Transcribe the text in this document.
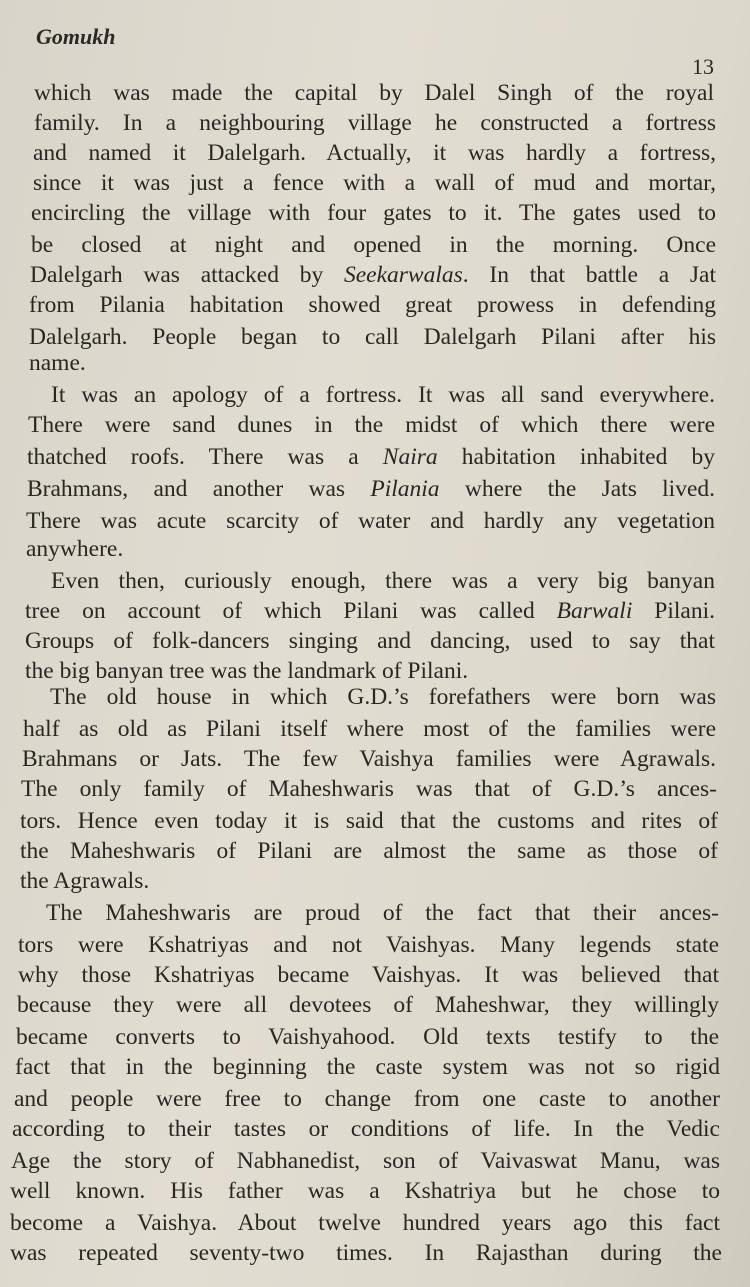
Gomukh
13
which was made the capital by Dalel Singh of the royal
family. In a neighbouring village he constructed a fortress
and named it Dalelgarh. Actually, it was hardly a fortress,
since it was just a fence with a wall of mud and mortar,
encircling the village with four gates to it. The gates used to
be closed at night and opened in the morning. Once
Dalelgarh was attacked by Seekarwalas. In that battle a Jat
from Pilania habitation showed great prowess in defending
Dalelgarh. People began to call Dalelgarh Pilani after his
name.
It was an apology of a fortress. It was all sand everywhere.
There were sand dunes in the midst of which there were
thatched roofs. There was a Naira habitation inhabited by
Brahmans, and another was Pilania where the Jats lived.
There was acute scarcity of water and hardly any vegetation
anywhere.
Even then, curiously enough, there was a very big banyan
tree on account of which Pilani was called Barwali Pilani.
Groups of folk-dancers singing and dancing, used to say that
the big banyan tree was the landmark of Pilani.
The old house in which G.D.’s forefathers were born was
half as old as Pilani itself where most of the families were
Brahmans or Jats. The few Vaishya families were Agrawals.
The only family of Maheshwaris was that of G.D.’s ances-
tors. Hence even today it is said that the customs and rites of
the Maheshwaris of Pilani are almost the same as those of
the Agrawals.
The Maheshwaris are proud of the fact that their ances-
tors were Kshatriyas and not Vaishyas. Many legends state
why those Kshatriyas became Vaishyas. It was believed that
because they were all devotees of Maheshwar, they willingly
became converts to Vaishyahood. Old texts testify to the
fact that in the beginning the caste system was not so rigid
and people were free to change from one caste to another
according to their tastes or conditions of life. In the Vedic
Age the story of Nabhanedist, son of Vaivaswat Manu, was
well known. His father was a Kshatriya but he chose to
become a Vaishya. About twelve hundred years ago this fact
was repeated seventy-two times. In Rajasthan during the
